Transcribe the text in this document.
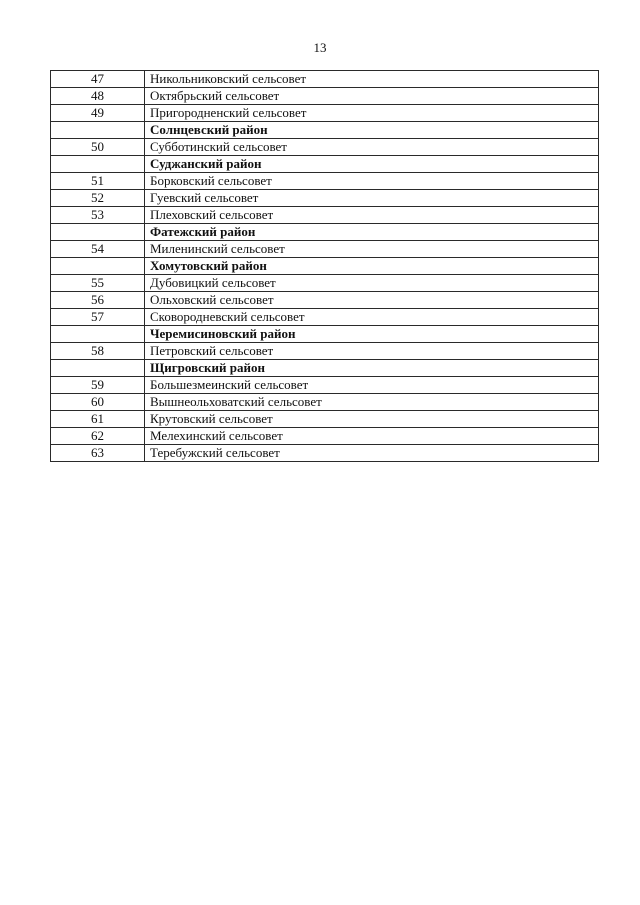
13
47	Никольниковский сельсовет
48	Октябрьский сельсовет
49	Пригородненский сельсовет
	Солнцевский район
50	Субботинский сельсовет
	Суджанский район
51	Борковский сельсовет
52	Гуевский сельсовет
53	Плеховский сельсовет
	Фатежский район
54	Миленинский сельсовет
	Хомутовский район
55	Дубовицкий сельсовет
56	Ольховский сельсовет
57	Сковородневский сельсовет
	Черемисиновский район
58	Петровский сельсовет
	Щигровский район
59	Большезмеинский сельсовет
60	Вышнеольховатский сельсовет
61	Крутовский сельсовет
62	Мелехинский сельсовет
63	Теребужский сельсовет
